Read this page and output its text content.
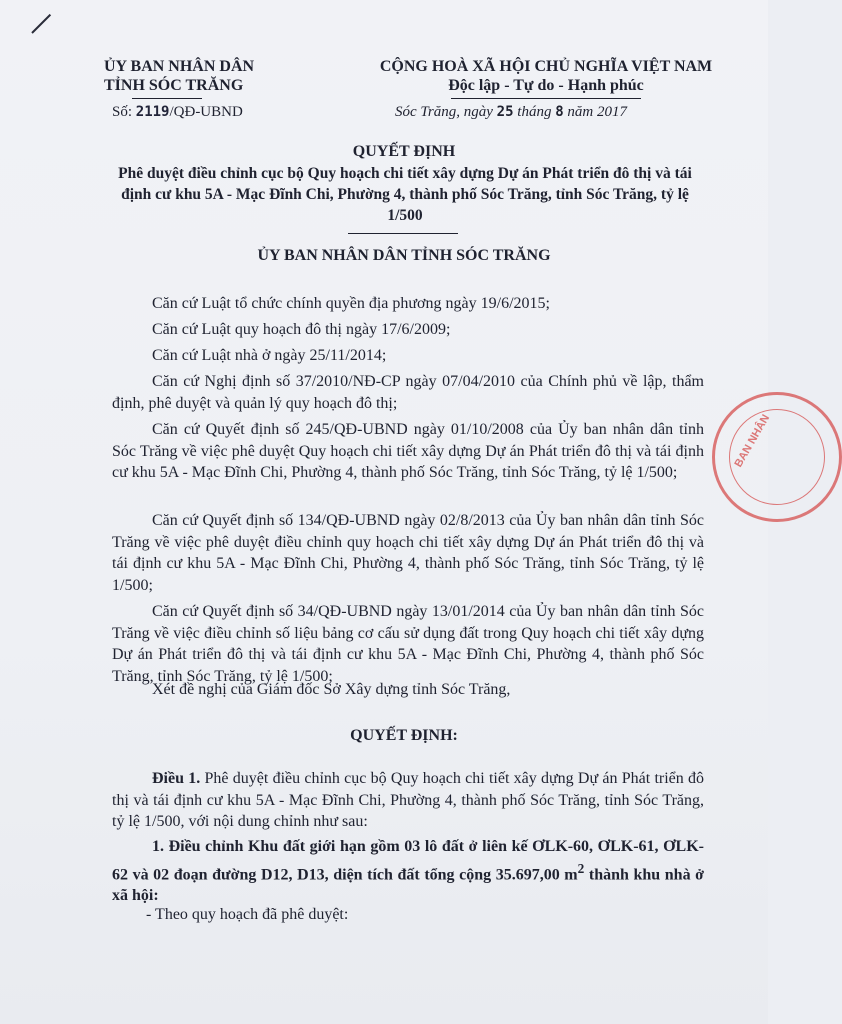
ỦY BAN NHÂN DÂN
TỈNH SÓC TRĂNG
Số: 2119/QĐ-UBND
CỘNG HOÀ XÃ HỘI CHỦ NGHĨA VIỆT NAM
Độc lập - Tự do - Hạnh phúc
Sóc Trăng, ngày 25 tháng 8 năm 2017
QUYẾT ĐỊNH
Phê duyệt điều chỉnh cục bộ Quy hoạch chi tiết xây dựng Dự án Phát triển đô thị và tái định cư khu 5A - Mạc Đĩnh Chi, Phường 4, thành phố Sóc Trăng, tỉnh Sóc Trăng, tỷ lệ 1/500
ỦY BAN NHÂN DÂN TỈNH SÓC TRĂNG
Căn cứ Luật tổ chức chính quyền địa phương ngày 19/6/2015;
Căn cứ Luật quy hoạch đô thị ngày 17/6/2009;
Căn cứ Luật nhà ở ngày 25/11/2014;
Căn cứ Nghị định số 37/2010/NĐ-CP ngày 07/04/2010 của Chính phủ về lập, thẩm định, phê duyệt và quản lý quy hoạch đô thị;
Căn cứ Quyết định số 245/QĐ-UBND ngày 01/10/2008 của Ủy ban nhân dân tỉnh Sóc Trăng về việc phê duyệt Quy hoạch chi tiết xây dựng Dự án Phát triển đô thị và tái định cư khu 5A - Mạc Đĩnh Chi, Phường 4, thành phố Sóc Trăng, tỉnh Sóc Trăng, tỷ lệ 1/500;
Căn cứ Quyết định số 134/QĐ-UBND ngày 02/8/2013 của Ủy ban nhân dân tỉnh Sóc Trăng về việc phê duyệt điều chỉnh quy hoạch chi tiết xây dựng Dự án Phát triển đô thị và tái định cư khu 5A - Mạc Đĩnh Chi, Phường 4, thành phố Sóc Trăng, tỉnh Sóc Trăng, tỷ lệ 1/500;
Căn cứ Quyết định số 34/QĐ-UBND ngày 13/01/2014 của Ủy ban nhân dân tỉnh Sóc Trăng về việc điều chỉnh số liệu bảng cơ cấu sử dụng đất trong Quy hoạch chi tiết xây dựng Dự án Phát triển đô thị và tái định cư khu 5A - Mạc Đĩnh Chi, Phường 4, thành phố Sóc Trăng, tỉnh Sóc Trăng, tỷ lệ 1/500;
Xét đề nghị của Giám đốc Sở Xây dựng tỉnh Sóc Trăng,
QUYẾT ĐỊNH:
Điều 1. Phê duyệt điều chỉnh cục bộ Quy hoạch chi tiết xây dựng Dự án Phát triển đô thị và tái định cư khu 5A - Mạc Đĩnh Chi, Phường 4, thành phố Sóc Trăng, tỉnh Sóc Trăng, tỷ lệ 1/500, với nội dung chỉnh như sau:
1. Điều chỉnh Khu đất giới hạn gồm 03 lô đất ở liên kế ƠLK-60, ƠLK-61, ƠLK-62 và 02 đoạn đường D12, D13, diện tích đất tổng cộng 35.697,00 $m^2$ thành khu nhà ở xã hội:
- Theo quy hoạch đã phê duyệt:
BAN NHÂN
